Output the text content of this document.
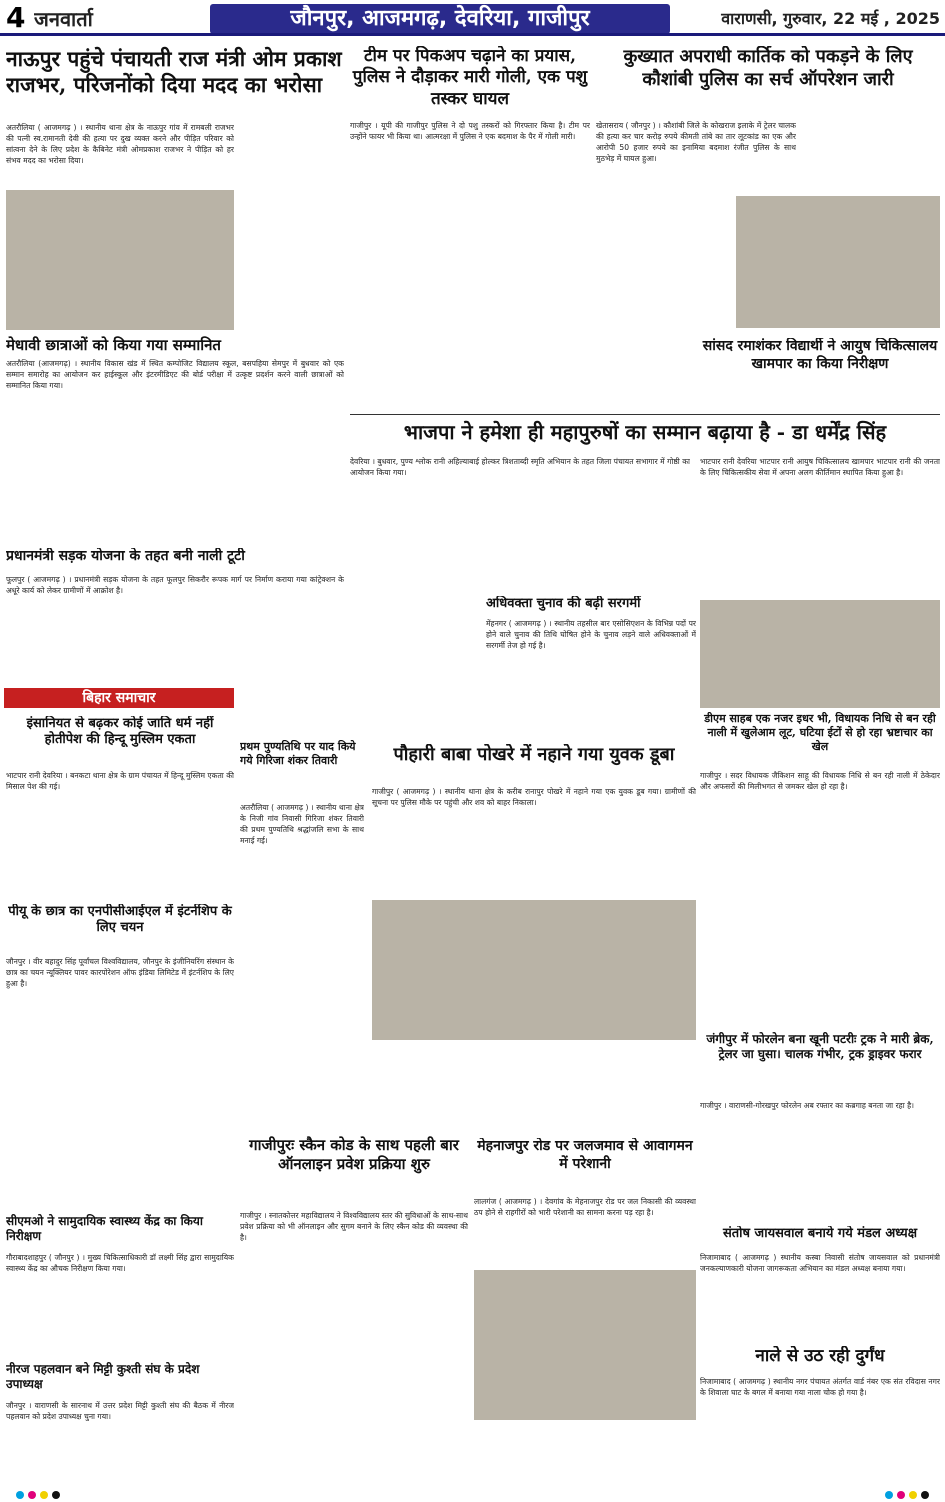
4 जनवार्ता	जौनपुर, आजमगढ़, देवरिया, गाजीपुर	वाराणसी, गुरुवार, 22 मई , 2025
नाऊपुर पहुंचे पंचायती राज मंत्री ओम प्रकाश राजभर, परिजनोंको दिया मदद का भरोसा
अतरौलिया ( आजमगढ़ ) । स्थानीय थाना क्षेत्र के नाऊपुर गांव में रामबली राजभर की पत्नी स्व.रामानती देवी की हत्या पर दुख व्यक्त करने और पीड़ित परिवार को सांत्वना देने के लिए प्रदेश के कैबिनेट मंत्री ओमप्रकाश राजभर ने पीड़ित को हर संभव मदद का भरोसा दिया।
टीम पर पिकअप चढ़ाने का प्रयास, पुलिस ने दौड़ाकर मारी गोली, एक पशु तस्कर घायल
गाजीपुर । यूपी की गाजीपुर पुलिस ने दो पशु तस्करों को गिरफ्तार किया है। टीम पर उन्होंने फायर भी किया था। आत्मरक्षा में पुलिस ने एक बदमाश के पैर में गोली मारी।
कुख्यात अपराधी कार्तिक को पकड़ने के लिए कौशांबी पुलिस का सर्च ऑपरेशन जारी
खेतासराय ( जौनपुर ) । कौशांबी जिले के कोखराज इलाके में ट्रेलर चालक की हत्या कर चार करोड़ रुपये कीमती तांबे का तार लूटकांड का एक और आरोपी 50 हजार रुपये का इनामिया बदमाश रंजीत पुलिस के साथ मुठभेड़ में घायल हुआ।
मेधावी छात्राओं को किया गया सम्मानित
अतरौलिया (आजमगढ़) । स्थानीय विकास खंड में स्थित कम्पोजिट विद्यालय स्कूल, बसपहिया सेमपुर में बुधवार को एक सम्मान समारोह का आयोजन कर हाईस्कूल और इंटरमीडिएट की बोर्ड परीक्षा में उत्कृष्ट प्रदर्शन करने वाली छात्राओं को सम्मानित किया गया।
भाजपा ने हमेशा ही महापुरुषों का सम्मान बढ़ाया है - डा धर्मेंद्र सिंह
देवरिया । बुधवार, पुण्य श्लोक रानी अहिल्याबाई होल्कर त्रिशताब्दी स्मृति अभियान के तहत जिला पंचायत सभागार में गोष्ठी का आयोजन किया गया।
सांसद रमाशंकर विद्यार्थी ने आयुष चिकित्सालय खामपार का किया निरीक्षण
भाटपार रानी देवरिया भाटपार रानी आयुष चिकित्सालय खामपार भाटपार रानी की जनता के लिए चिकित्सकीय सेवा में अपना अलग कीर्तिमान स्थापित किया हुआ है।
प्रधानमंत्री सड़क योजना के तहत बनी नाली टूटी
फूलपुर ( आजमगढ़ ) । प्रधानमंत्री सड़क योजना के तहत फूलपुर सिकरौर रूपक मार्ग पर निर्माण कराया गया कांट्रेक्शन के अधूरे कार्य को लेकर ग्रामीणों में आक्रोश है।
प्रथम पुण्यतिथि पर याद किये गये गिरिजा शंकर तिवारी
अतरौलिया ( आजमगढ़ ) । स्थानीय थाना क्षेत्र के निजी गांव निवासी गिरिजा शंकर तिवारी की प्रथम पुण्यतिथि श्रद्धांजलि सभा के साथ मनाई गई।
अधिवक्ता चुनाव की बढ़ी सरगर्मी
मेंहनगर ( आजमगढ़ ) । स्थानीय तहसील बार एसोसिएशन के विभिन्न पदों पर होने वाले चुनाव की तिथि घोषित होने के चुनाव लड़ने वाले अधिवक्ताओं में सरगर्मी तेज हो गई है।
पौहारी बाबा पोखरे में नहाने गया युवक डूबा
गाजीपुर ( आजमगढ़ ) । स्थानीय थाना क्षेत्र के करीब रानापुर पोखरे में नहाने गया एक युवक डूब गया। ग्रामीणों की सूचना पर पुलिस मौके पर पहुंची और शव को बाहर निकाला।
बिहार समाचार
इंसानियत से बढ़कर कोई जाति धर्म नहीं होतीपेश की हिन्दू मुस्लिम एकता
भाटपार रानी देवरिया । बनकटा थाना क्षेत्र के ग्राम पंचायत में हिन्दू मुस्लिम एकता की मिसाल पेश की गई।
पीयू के छात्र का एनपीसीआईएल में इंटर्नशिप के लिए चयन
जौनपुर । वीर बहादुर सिंह पूर्वांचल विश्वविद्यालय, जौनपुर के इंजीनियरिंग संस्थान के छात्र का चयन न्यूक्लियर पावर कारपोरेशन ऑफ इंडिया लिमिटेड में इंटर्नशिप के लिए हुआ है।
डीएम साहब एक नजर इधर भी, विधायक निधि से बन रही नाली में खुलेआम लूट, घटिया ईटों से हो रहा भ्रष्टाचार का खेल
गाजीपुर । सदर विधायक जैकिशन साहू की विधायक निधि से बन रही नाली में ठेकेदार और अफसरों की मिलीभगत से जमकर खेल हो रहा है।
गाजीपुरः स्कैन कोड के साथ पहली बार ऑनलाइन प्रवेश प्रक्रिया शुरु
गाजीपुर । स्नातकोत्तर महाविद्यालय ने विश्वविद्यालय स्तर की सुविधाओं के साथ-साथ प्रवेश प्रक्रिया को भी ऑनलाइन और सुगम बनाने के लिए स्कैन कोड की व्यवस्था की है।
सीएमओ ने सामुदायिक स्वास्थ्य केंद्र का किया निरीक्षण
गौराबादशाहपुर ( जौनपुर ) । मुख्य चिकित्साधिकारी डॉ लक्ष्मी सिंह द्वारा सामुदायिक स्वास्थ्य केंद्र का औचक निरीक्षण किया गया।
मेहनाजपुर रोड पर जलजमाव से आवागमन में परेशानी
लालगंज ( आजमगढ़ ) । देवगांव के मेहनाजपुर रोड पर जल निकासी की व्यवस्था ठप होने से राहगीरों को भारी परेशानी का सामना करना पड़ रहा है।
जंगीपुर में फोरलेन बना खूनी पटरीः ट्रक ने मारी ब्रेक, ट्रेलर जा घुसा। चालक गंभीर, ट्रक ड्राइवर फरार
गाजीपुर । वाराणसी-गोरखपुर फोरलेन अब रफ्तार का कब्रगाह बनता जा रहा है।
नीरज पहलवान बने मिट्टी कुश्ती संघ के प्रदेश उपाध्यक्ष
जौनपुर । वाराणसी के सारनाथ में उत्तर प्रदेश मिट्टी कुश्ती संघ की बैठक में नीरज पहलवान को प्रदेश उपाध्यक्ष चुना गया।
संतोष जायसवाल बनाये गये मंडल अध्यक्ष
निजामाबाद ( आजमगढ़ ) स्थानीय कस्बा निवासी संतोष जायसवाल को प्रधानमंत्री जनकल्याणकारी योजना जागरूकता अभियान का मंडल अध्यक्ष बनाया गया।
नाले से उठ रही दुर्गंध
निजामाबाद ( आजमगढ़ ) स्थानीय नगर पंचायत अंतर्गत वार्ड नंबर एक संत रविदास नगर के शिवाला घाट के बगल में बनाया गया नाला चोक हो गया है।
